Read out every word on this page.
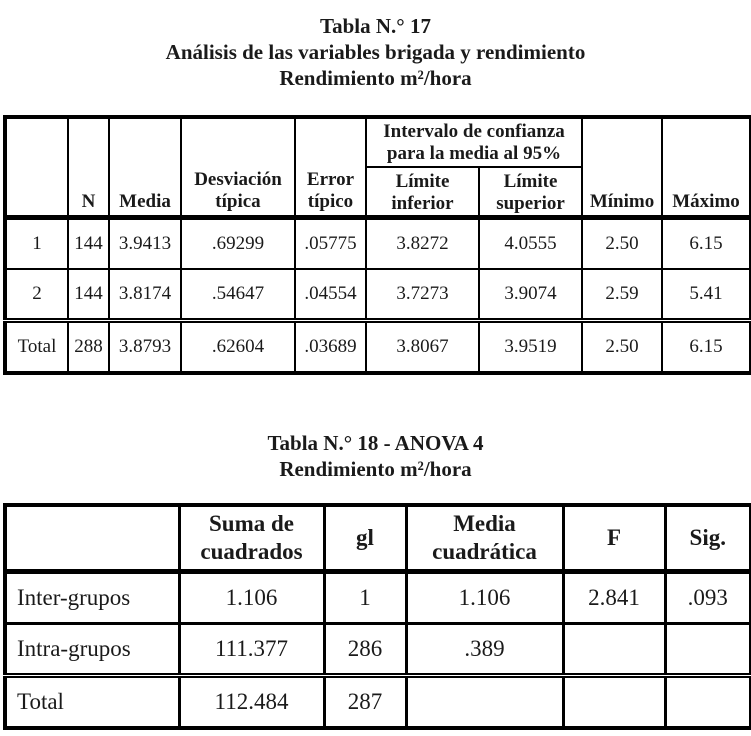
Tabla N.° 17
Análisis de las variables brigada y rendimiento
Rendimiento m²/hora
	N	Media	Desviación típica	Error típico	Intervalo de confianza para la media al 95%		Mínimo	Máximo
					Límite inferior	Límite superior		
1	144	3.9413	.69299	.05775	3.8272	4.0555	2.50	6.15
2	144	3.8174	.54647	.04554	3.7273	3.9074	2.59	5.41
Total	288	3.8793	.62604	.03689	3.8067	3.9519	2.50	6.15
Tabla N.° 18 - ANOVA 4
Rendimiento m²/hora
	Suma de cuadrados	gl	Media cuadrática	F	Sig.
Inter-grupos	1.106	1	1.106	2.841	.093
Intra-grupos	111.377	286	.389		
Total	112.484	287			
